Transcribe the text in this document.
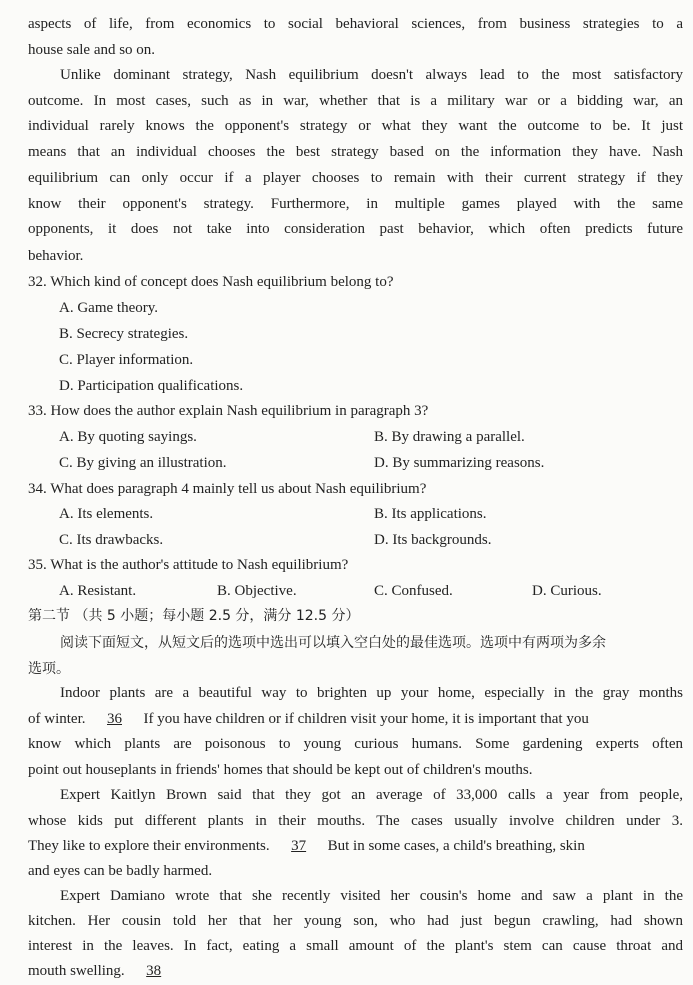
aspects of life, from economics to social behavioral sciences, from business strategies to a
house sale and so on.
Unlike dominant strategy, Nash equilibrium doesn't always lead to the most satisfactory
outcome. In most cases, such as in war, whether that is a military war or a bidding war, an
individual rarely knows the opponent's strategy or what they want the outcome to be. It just
means that an individual chooses the best strategy based on the information they have. Nash
equilibrium can only occur if a player chooses to remain with their current strategy if they
know their opponent's strategy. Furthermore, in multiple games played with the same
opponents, it does not take into consideration past behavior, which often predicts future
behavior.
32. Which kind of concept does Nash equilibrium belong to?
A. Game theory.
B. Secrecy strategies.
C. Player information.
D. Participation qualifications.
33. How does the author explain Nash equilibrium in paragraph 3?
A. By quoting sayings.	B. By drawing a parallel.
C. By giving an illustration.	D. By summarizing reasons.
34. What does paragraph 4 mainly tell us about Nash equilibrium?
A. Its elements.	B. Its applications.
C. Its drawbacks.	D. Its backgrounds.
35. What is the author's attitude to Nash equilibrium?
A. Resistant.	B. Objective.	C. Confused.	D. Curious.
第二节 （共 5 小题；每小题 2.5 分，满分 12.5 分）
阅读下面短文，从短文后的选项中选出可以填入空白处的最佳选项。选项中有两项为多余
选项。
Indoor plants are a beautiful way to brighten up your home, especially in the gray months
of winter. 36 If you have children or if children visit your home, it is important that you
know which plants are poisonous to young curious humans. Some gardening experts often
point out houseplants in friends' homes that should be kept out of children's mouths.
Expert Kaitlyn Brown said that they got an average of 33,000 calls a year from people,
whose kids put different plants in their mouths. The cases usually involve children under 3.
They like to explore their environments. 37 But in some cases, a child's breathing, skin
and eyes can be badly harmed.
Expert Damiano wrote that she recently visited her cousin's home and saw a plant in the
kitchen. Her cousin told her that her young son, who had just begun crawling, had shown
interest in the leaves. In fact, eating a small amount of the plant's stem can cause throat and
mouth swelling. 38
